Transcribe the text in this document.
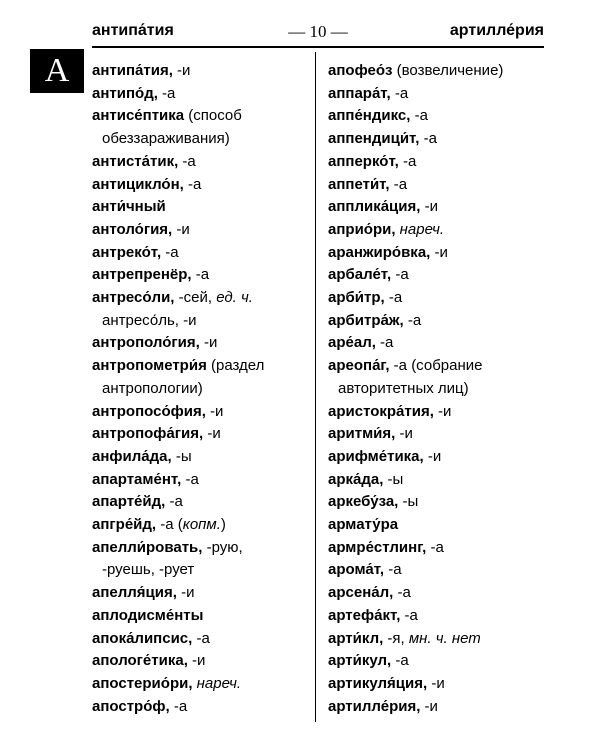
антипа́тия	— 10 —	артилле́рия
A	антипа́тия, -и
антипо́д, -а
антисе́птика (способ
обеззараживания)
антиста́тик, -а
антицикло́н, -а
анти́чный
антоло́гия, -и
антреко́т, -а
антрепренёр, -а
антресо́ли, -сей, ед. ч.
антресо́ль, -и
антрополо́гия, -и
антропометри́я (раздел
антропологии)
антропосо́фия, -и
антропофа́гия, -и
анфила́да, -ы
апартаме́нт, -а
апарте́йд, -а
апгре́йд, -а (копм.)
апелли́ровать, -рую,
-руешь, -рует
апелля́ция, -и
аплодисме́нты
апока́липсис, -а
апологе́тика, -и
апостерио́ри, нареч.
апостро́ф, -а
апофео́з (возвеличение)
аппара́т, -а
аппе́ндикс, -а
аппендици́т, -а
апперко́т, -а
аппети́т, -а
апплика́ция, -и
априо́ри, нареч.
аранжиро́вка, -и
арбале́т, -а
арби́тр, -а
арбитра́ж, -а
аре́ал, -а
ареопа́г, -а (собрание
авторитетных лиц)
аристокра́тия, -и
аритми́я, -и
арифме́тика, -и
арка́да, -ы
аркебу́за, -ы
армату́ра
армре́стлинг, -а
арома́т, -а
арсена́л, -а
артефа́кт, -а
арти́кл, -я, мн. ч. нет
арти́кул, -а
артикуля́ция, -и
артилле́рия, -и
